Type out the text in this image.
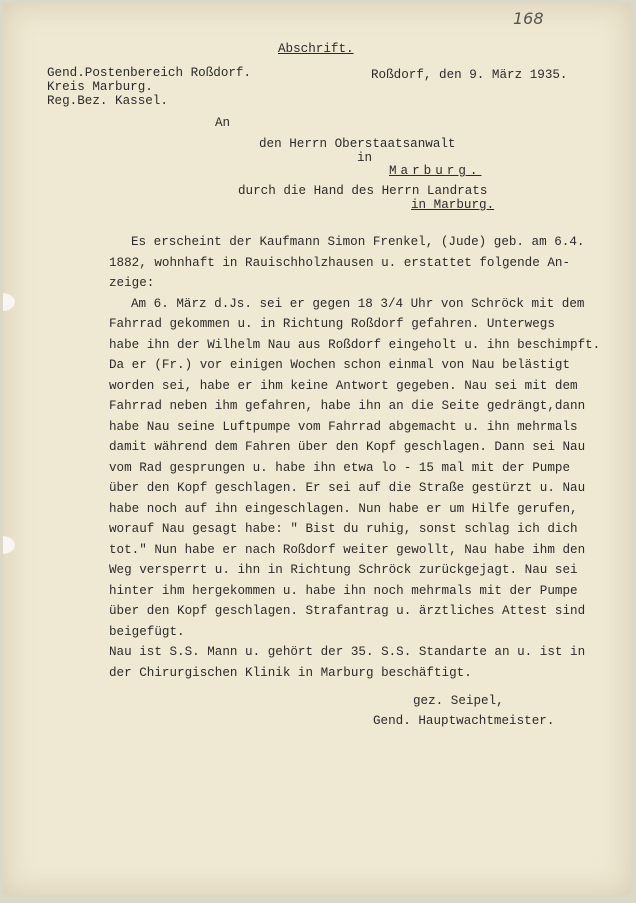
168

Abschrift.

Gend.Postenbereich Roßdorf.

Kreis Marburg.

Reg.Bez. Kassel.

Roßdorf, den 9. März 1935.

An

den Herrn Oberstaatsanwalt

in

Marburg.

durch die Hand des Herrn Landrats

in Marburg.

Es erscheint der Kaufmann Simon Frenkel, (Jude) geb. am 6.4.

1882, wohnhaft in Rauischholzhausen u. erstattet folgende An-

zeige:

Am 6. März d.Js. sei er gegen 18 3/4 Uhr von Schröck mit dem

Fahrrad gekommen u. in Richtung Roßdorf gefahren. Unterwegs

habe ihn der Wilhelm Nau aus Roßdorf eingeholt u. ihn beschimpft.

Da er (Fr.) vor einigen Wochen schon einmal von Nau belästigt

worden sei, habe er ihm keine Antwort gegeben. Nau sei mit dem

Fahrrad neben ihm gefahren, habe ihn an die Seite gedrängt,dann

habe Nau seine Luftpumpe vom Fahrrad abgemacht u. ihn mehrmals

damit während dem Fahren über den Kopf geschlagen. Dann sei Nau

vom Rad gesprungen u. habe ihn etwa lo - 15 mal mit der Pumpe

über den Kopf geschlagen. Er sei auf die Straße gestürzt u. Nau

habe noch auf ihn eingeschlagen. Nun habe er um Hilfe gerufen,

worauf Nau gesagt habe: " Bist du ruhig, sonst schlag ich dich

tot." Nun habe er nach Roßdorf weiter gewollt, Nau habe ihm den

Weg versperrt u. ihn in Richtung Schröck zurückgejagt. Nau sei

hinter ihm hergekommen u. habe ihn noch mehrmals mit der Pumpe

über den Kopf geschlagen. Strafantrag u. ärztliches Attest sind

beigefügt.

Nau ist S.S. Mann u. gehört der 35. S.S. Standarte an u. ist in

der Chirurgischen Klinik in Marburg beschäftigt.

gez. Seipel,

Gend. Hauptwachtmeister.
